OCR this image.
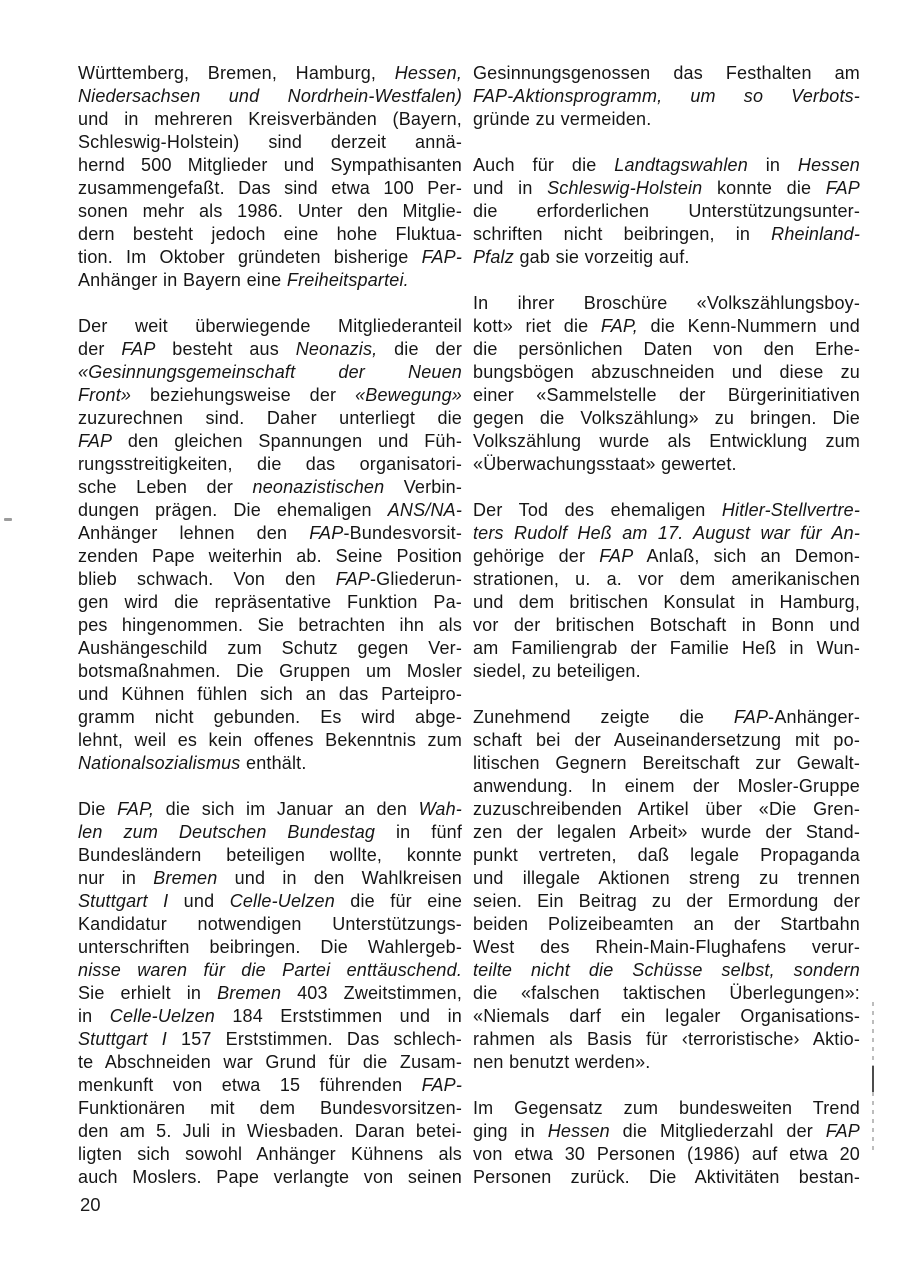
Württemberg, Bremen, Hamburg, Hessen,
Niedersachsen und Nordrhein-Westfalen)
und in mehreren Kreisverbänden (Bayern,
Schleswig-Holstein) sind derzeit annä-
hernd 500 Mitglieder und Sympathisanten
zusammengefaßt. Das sind etwa 100 Per-
sonen mehr als 1986. Unter den Mitglie-
dern besteht jedoch eine hohe Fluktua-
tion. Im Oktober gründeten bisherige FAP-
Anhänger in Bayern eine Freiheitspartei.
Der weit überwiegende Mitgliederanteil
der FAP besteht aus Neonazis, die der
«Gesinnungsgemeinschaft der Neuen
Front» beziehungsweise der «Bewegung»
zuzurechnen sind. Daher unterliegt die
FAP den gleichen Spannungen und Füh-
rungsstreitigkeiten, die das organisatori-
sche Leben der neonazistischen Verbin-
dungen prägen. Die ehemaligen ANS/NA-
Anhänger lehnen den FAP-Bundesvorsit-
zenden Pape weiterhin ab. Seine Position
blieb schwach. Von den FAP-Gliederun-
gen wird die repräsentative Funktion Pa-
pes hingenommen. Sie betrachten ihn als
Aushängeschild zum Schutz gegen Ver-
botsmaßnahmen. Die Gruppen um Mosler
und Kühnen fühlen sich an das Parteipro-
gramm nicht gebunden. Es wird abge-
lehnt, weil es kein offenes Bekenntnis zum
Nationalsozialismus enthält.
Die FAP, die sich im Januar an den Wah-
len zum Deutschen Bundestag in fünf
Bundesländern beteiligen wollte, konnte
nur in Bremen und in den Wahlkreisen
Stuttgart I und Celle-Uelzen die für eine
Kandidatur notwendigen Unterstützungs-
unterschriften beibringen. Die Wahlergeb-
nisse waren für die Partei enttäuschend.
Sie erhielt in Bremen 403 Zweitstimmen,
in Celle-Uelzen 184 Erststimmen und in
Stuttgart I 157 Erststimmen. Das schlech-
te Abschneiden war Grund für die Zusam-
menkunft von etwa 15 führenden FAP-
Funktionären mit dem Bundesvorsitzen-
den am 5. Juli in Wiesbaden. Daran betei-
ligten sich sowohl Anhänger Kühnens als
auch Moslers. Pape verlangte von seinen
Gesinnungsgenossen das Festhalten am
FAP-Aktionsprogramm, um so Verbots-
gründe zu vermeiden.
Auch für die Landtagswahlen in Hessen
und in Schleswig-Holstein konnte die FAP
die erforderlichen Unterstützungsunter-
schriften nicht beibringen, in Rheinland-
Pfalz gab sie vorzeitig auf.
In ihrer Broschüre «Volkszählungsboy-
kott» riet die FAP, die Kenn-Nummern und
die persönlichen Daten von den Erhe-
bungsbögen abzuschneiden und diese zu
einer «Sammelstelle der Bürgerinitiativen
gegen die Volkszählung» zu bringen. Die
Volkszählung wurde als Entwicklung zum
«Überwachungsstaat» gewertet.
Der Tod des ehemaligen Hitler-Stellvertre-
ters Rudolf Heß am 17. August war für An-
gehörige der FAP Anlaß, sich an Demon-
strationen, u. a. vor dem amerikanischen
und dem britischen Konsulat in Hamburg,
vor der britischen Botschaft in Bonn und
am Familiengrab der Familie Heß in Wun-
siedel, zu beteiligen.
Zunehmend zeigte die FAP-Anhänger-
schaft bei der Auseinandersetzung mit po-
litischen Gegnern Bereitschaft zur Gewalt-
anwendung. In einem der Mosler-Gruppe
zuzuschreibenden Artikel über «Die Gren-
zen der legalen Arbeit» wurde der Stand-
punkt vertreten, daß legale Propaganda
und illegale Aktionen streng zu trennen
seien. Ein Beitrag zu der Ermordung der
beiden Polizeibeamten an der Startbahn
West des Rhein-Main-Flughafens verur-
teilte nicht die Schüsse selbst, sondern
die «falschen taktischen Überlegungen»:
«Niemals darf ein legaler Organisations-
rahmen als Basis für ‹terroristische› Aktio-
nen benutzt werden».
Im Gegensatz zum bundesweiten Trend
ging in Hessen die Mitgliederzahl der FAP
von etwa 30 Personen (1986) auf etwa 20
Personen zurück. Die Aktivitäten bestan-
20
